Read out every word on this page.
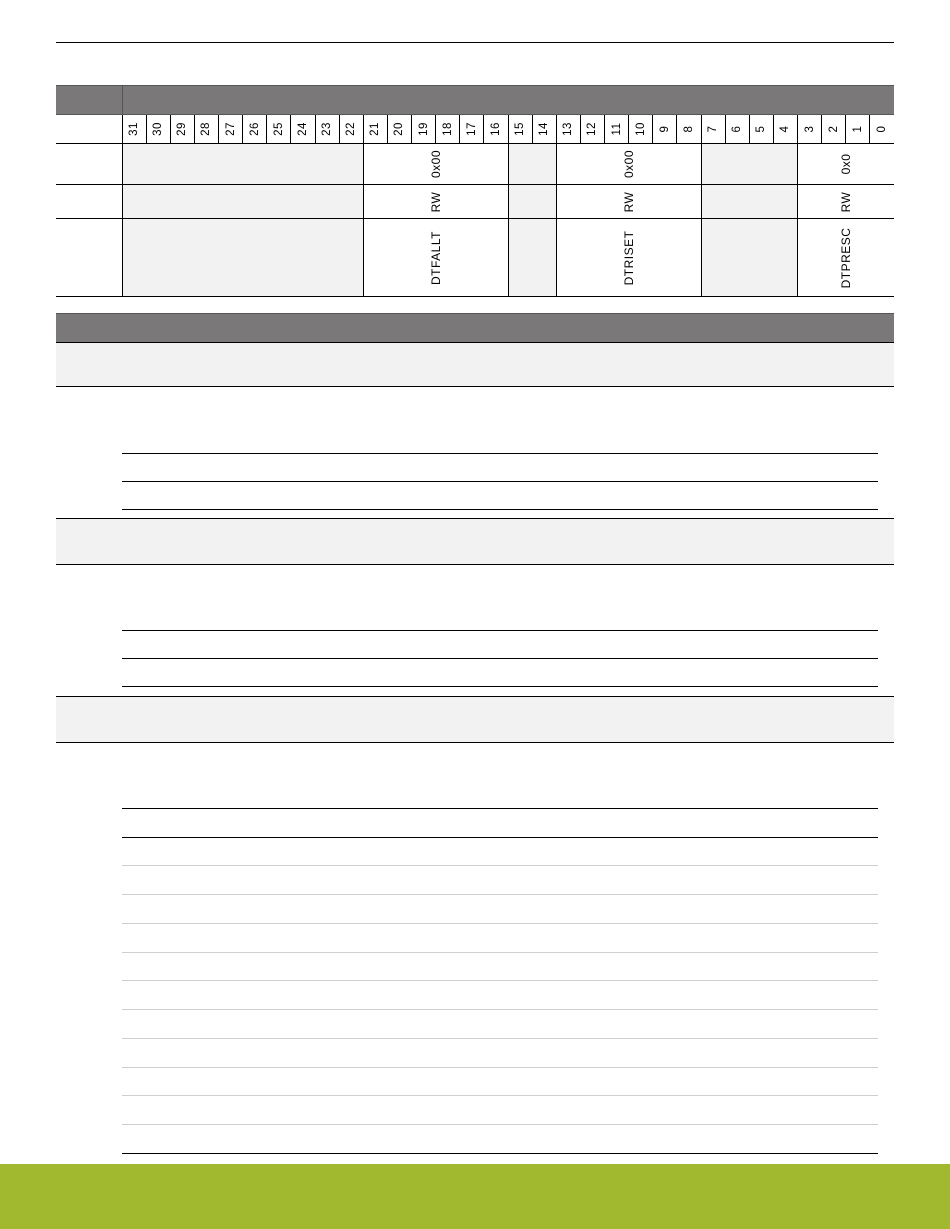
	31	30	29	28	27	26	25	24	23	22	21	20	19	18	17	16	15	14	13	12	11	10	9	8	7	6	5	4	3	2	1	0

											0x00								0x00										0x0			

											RW								RW										RW			

											DTFALLT								DTRISET										DTPRESC			
